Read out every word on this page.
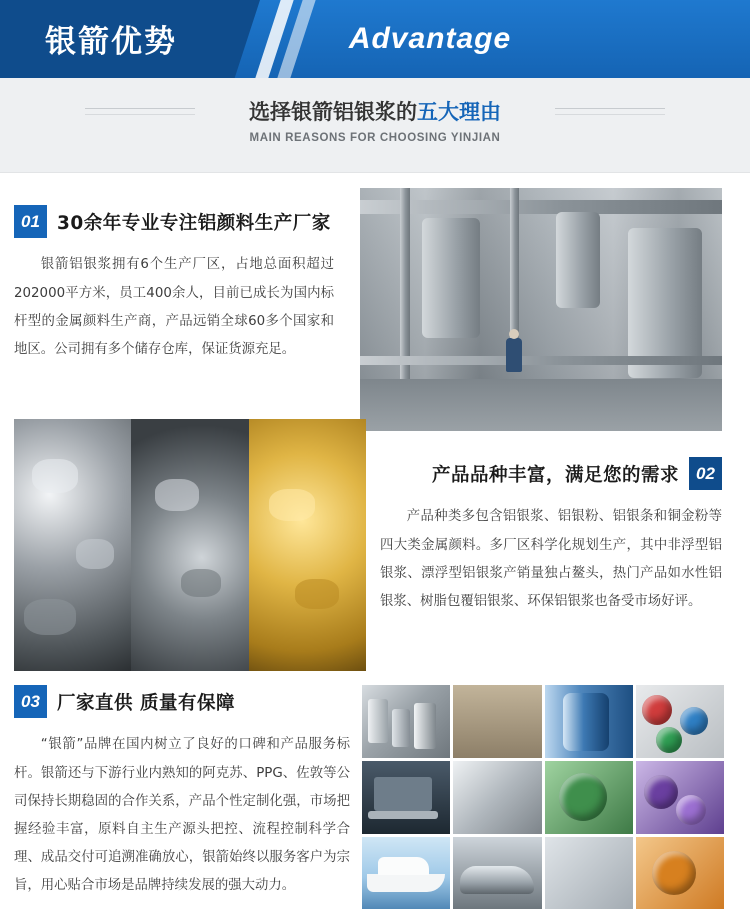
银箭优势	Advantage
选择银箭铝银浆的五大理由
MAIN REASONS FOR CHOOSING YINJIAN
01 30余年专业专注铝颜料生产厂家

银箭铝银浆拥有6个生产厂区，占地总面积超过202000平方米，员工400余人，目前已成长为国内标杆型的金属颜料生产商，产品远销全球60多个国家和地区。公司拥有多个储存仓库，保证货源充足。

产品品种丰富，满足您的需求	02

产品种类多包含铝银浆、铝银粉、铝银条和铜金粉等四大类金属颜料。多厂区科学化规划生产，其中非浮型铝银浆、漂浮型铝银浆产销量独占鳌头，热门产品如水性铝银浆、树脂包覆铝银浆、环保铝银浆也备受市场好评。

03 厂家直供 质量有保障

“银箭”品牌在国内树立了良好的口碑和产品服务标杆。银箭还与下游行业内熟知的阿克苏、PPG、佐敦等公司保持长期稳固的合作关系，产品个性定制化强，市场把握经验丰富，原料自主生产源头把控、流程控制科学合理、成品交付可追溯准确放心，银箭始终以服务客户为宗旨，用心贴合市场是品牌持续发展的强大动力。
